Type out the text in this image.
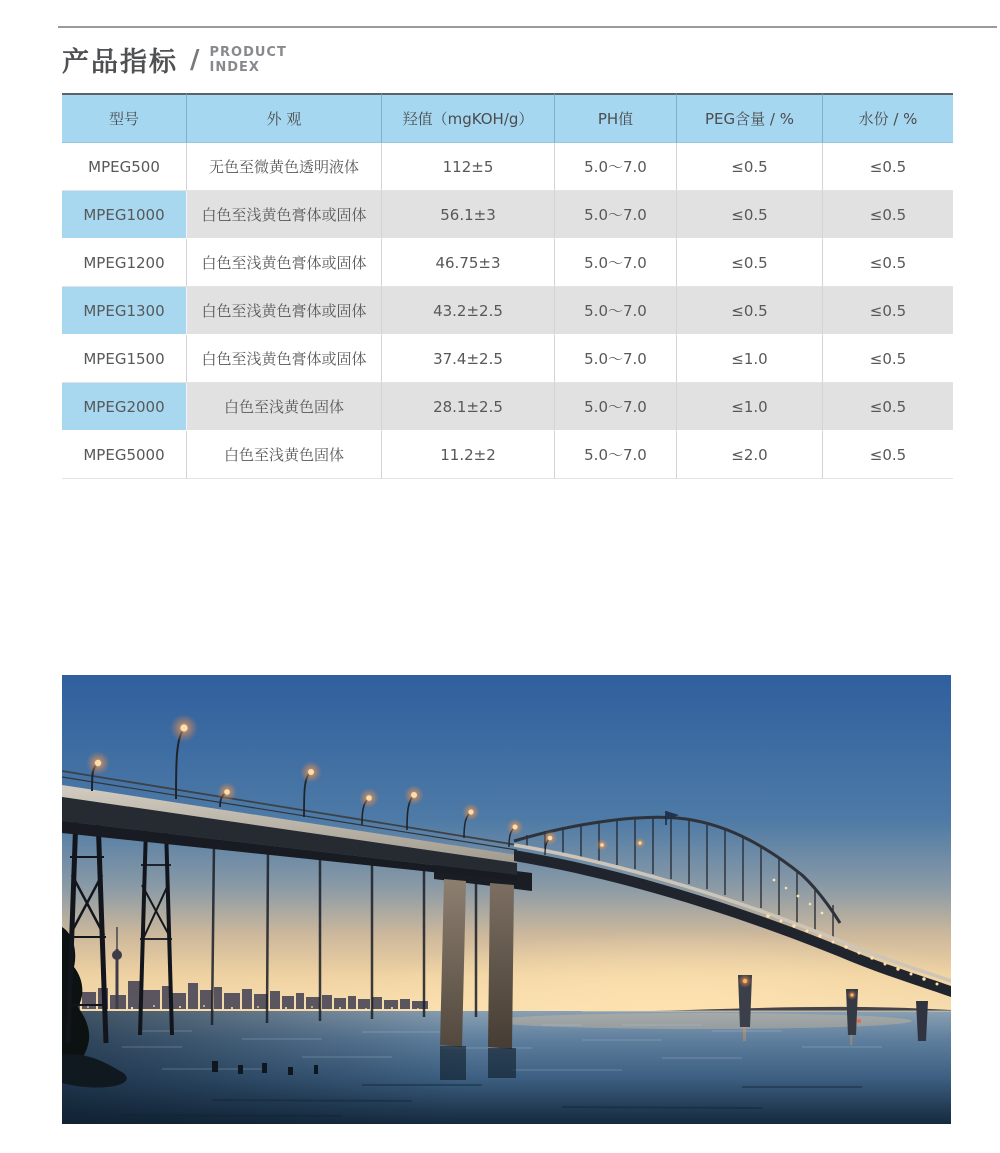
产品指标 / PRODUCT
INDEX
型号	外 观	羟值（mgKOH/g）	PH值	PEG含量 / %	水份 / %
MPEG500	无色至微黄色透明液体	112±5	5.0～7.0	≤0.5	≤0.5
MPEG1000	白色至浅黄色膏体或固体	56.1±3	5.0～7.0	≤0.5	≤0.5
MPEG1200	白色至浅黄色膏体或固体	46.75±3	5.0～7.0	≤0.5	≤0.5
MPEG1300	白色至浅黄色膏体或固体	43.2±2.5	5.0～7.0	≤0.5	≤0.5
MPEG1500	白色至浅黄色膏体或固体	37.4±2.5	5.0～7.0	≤1.0	≤0.5
MPEG2000	白色至浅黄色固体	28.1±2.5	5.0～7.0	≤1.0	≤0.5
MPEG5000	白色至浅黄色固体	11.2±2	5.0～7.0	≤2.0	≤0.5
